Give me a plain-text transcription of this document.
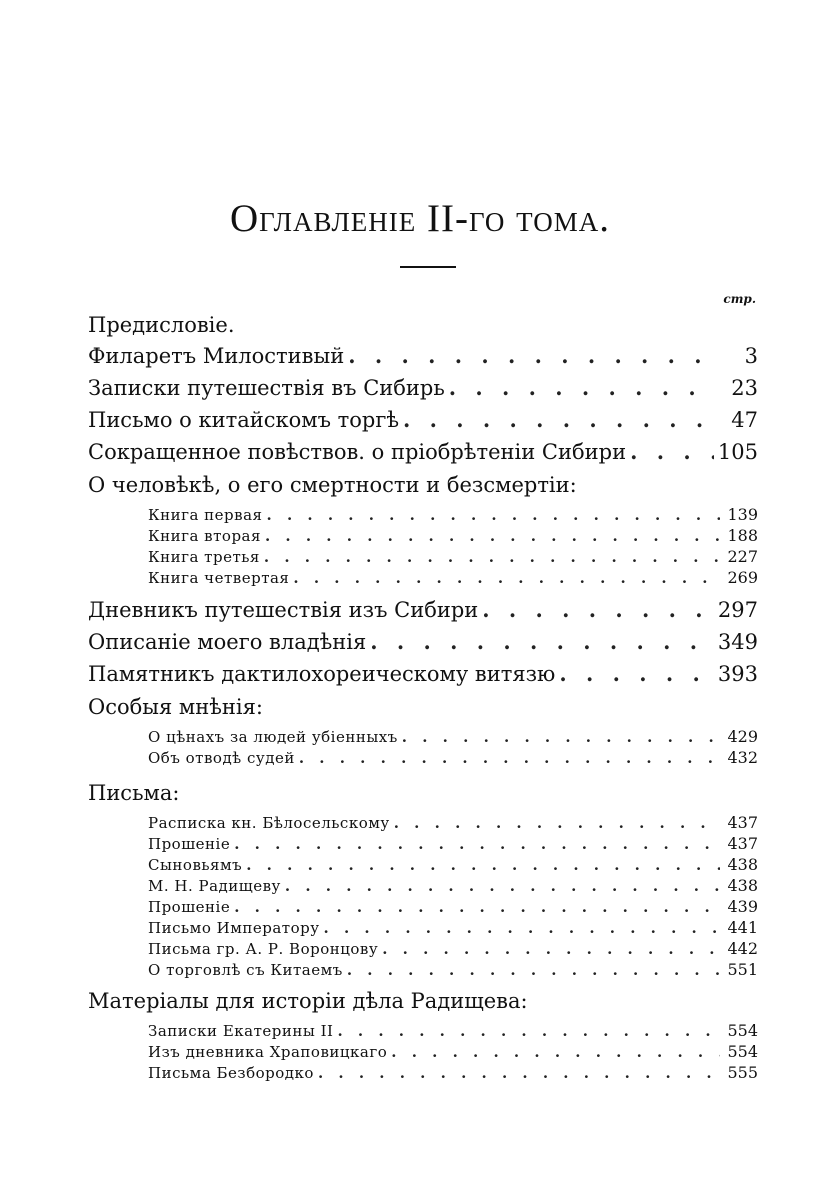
Оглавленіе II-го тома.
стр.
Предисловіе.
Филаретъ Милостивый . . .	3
Записки путешествія въ Сибирь . . .	23
Письмо о китайскомъ торгѣ . . .	47
Сокращенное повѣствов. о пріобрѣтеніи Сибири . . .	105
О человѣкѣ, о его смертности и безсмертіи:
Книга первая . . .	139
Книга вторая . . .	188
Книга третья . . .	227
Книга четвертая . . .	269
Дневникъ путешествія изъ Сибири . . .	297
Описаніе моего владѣнія . . .	349
Памятникъ дактилохореическому витязю . . .	393
Особыя мнѣнія:
О цѣнахъ за людей убіенныхъ . . .	429
Объ отводѣ судей . . .	432
Письма:
Расписка кн. Бѣлосельскому . . .	437
Прошеніе . . .	437
Сыновьямъ . . .	438
М. Н. Радищеву . . .	438
Прошеніе . . .	439
Письмо Императору . . .	441
Письма гр. А. Р. Воронцову . . .	442
О торговлѣ съ Китаемъ . . .	551
Матеріалы для исторіи дѣла Радищева:
Записки Екатерины II . . .	554
Изъ дневника Храповицкаго . . .	554
Письма Безбородко . . .	555
